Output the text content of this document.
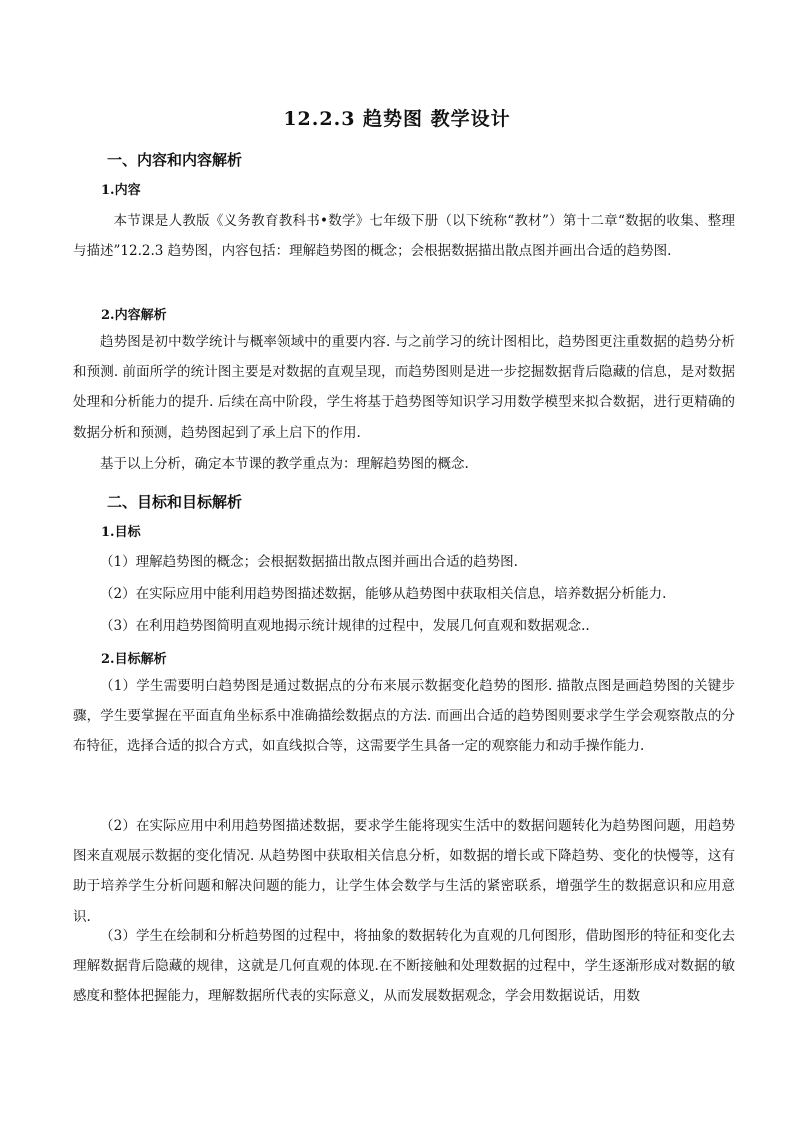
12.2.3 趋势图 教学设计
一、内容和内容解析
1.内容

本节课是人教版《义务教育教科书•数学》七年级下册（以下统称“教材”）第十二章“数据的收集、整理与描述”12.2.3 趋势图，内容包括：理解趋势图的概念；会根据数据描出散点图并画出合适的趋势图.

2.内容解析

趋势图是初中数学统计与概率领域中的重要内容. 与之前学习的统计图相比，趋势图更注重数据的趋势分析和预测. 前面所学的统计图主要是对数据的直观呈现，而趋势图则是进一步挖掘数据背后隐藏的信息，是对数据处理和分析能力的提升. 后续在高中阶段，学生将基于趋势图等知识学习用数学模型来拟合数据，进行更精确的数据分析和预测，趋势图起到了承上启下的作用.

基于以上分析，确定本节课的教学重点为：理解趋势图的概念.

二、目标和目标解析
1.目标
（1）理解趋势图的概念；会根据数据描出散点图并画出合适的趋势图.
（2）在实际应用中能利用趋势图描述数据，能够从趋势图中获取相关信息，培养数据分析能力.
（3）在利用趋势图简明直观地揭示统计规律的过程中，发展几何直观和数据观念..
2.目标解析

（1）学生需要明白趋势图是通过数据点的分布来展示数据变化趋势的图形. 描散点图是画趋势图的关键步骤，学生要掌握在平面直角坐标系中准确描绘数据点的方法. 而画出合适的趋势图则要求学生学会观察散点的分布特征，选择合适的拟合方式，如直线拟合等，这需要学生具备一定的观察能力和动手操作能力.

（2）在实际应用中利用趋势图描述数据，要求学生能将现实生活中的数据问题转化为趋势图问题，用趋势图来直观展示数据的变化情况. 从趋势图中获取相关信息分析，如数据的增长或下降趋势、变化的快慢等，这有助于培养学生分析问题和解决问题的能力，让学生体会数学与生活的紧密联系，增强学生的数据意识和应用意识.

（3）学生在绘制和分析趋势图的过程中，将抽象的数据转化为直观的几何图形，借助图形的特征和变化去理解数据背后隐藏的规律，这就是几何直观的体现.在不断接触和处理数据的过程中，学生逐渐形成对数据的敏感度和整体把握能力，理解数据所代表的实际意义，从而发展数据观念，学会用数据说话，用数
